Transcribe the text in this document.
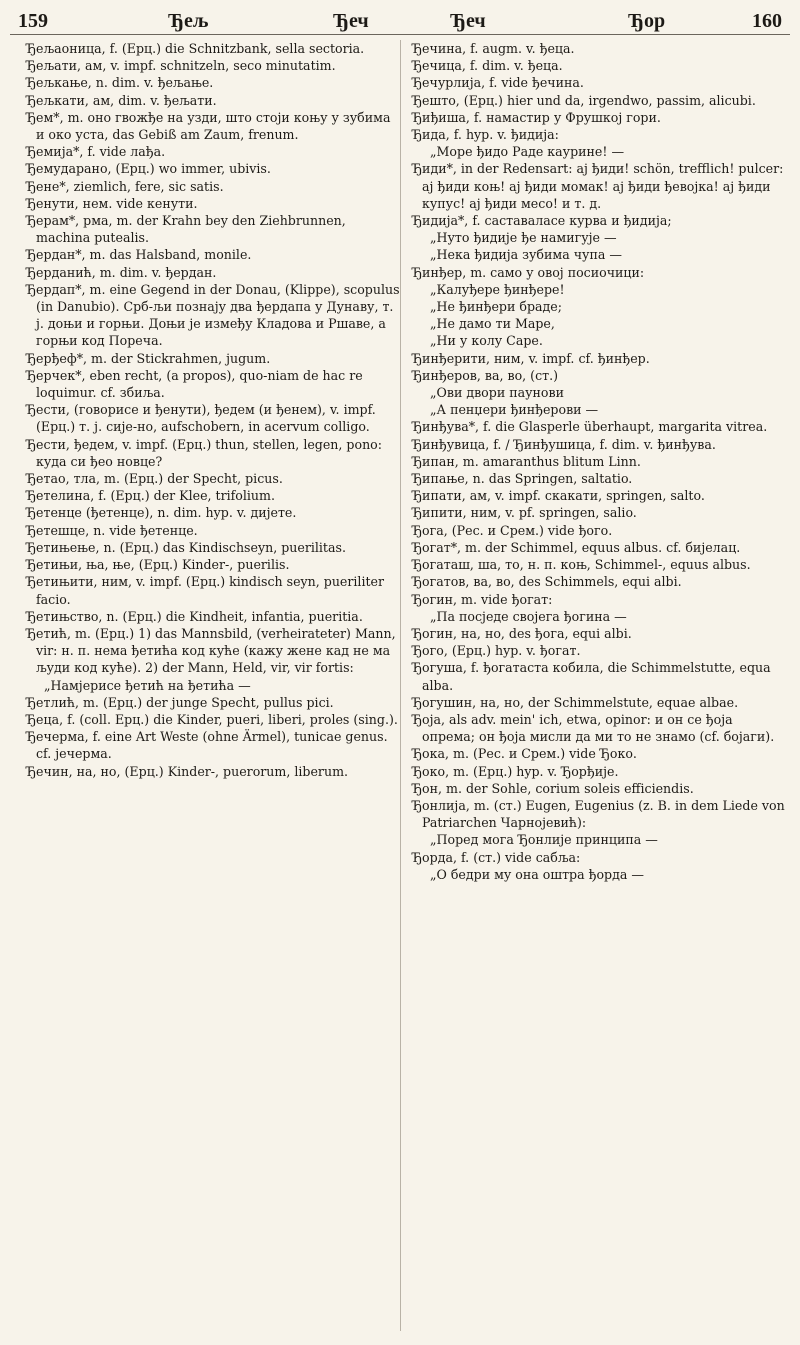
159	Ђељ	Ђеч	Ђеч	Ђор	160

Ђељаоница, f. (Ерц.) die Schnitzbank, sella sectoria.

Ђељати, ам, v. impf. schnitzeln, seco minutatim.

Ђељкање, n. dim. v. ђељање.

Ђељкати, ам, dim. v. ђељати.

Ђем*, m. оно гвожђе на узди, што стоји коњу у зубима и око уста, das Gebiß am Zaum, frenum.

Ђемија*, f. vide лађа.

Ђемударано, (Ерц.) wo immer, ubivis.

Ђене*, ziemlich, fere, sic satis.

Ђенути, нем. vide кенути.

Ђерам*, рма, m. der Krahn bey den Ziehbrunnen, machina putealis.

Ђердан*, m. das Halsband, monile.

Ђерданић, m. dim. v. ђердан.

Ђердап*, m. eine Gegend in der Donau, (Klippe), scopulus (in Danubio). Срб-љи познају два ђердапа у Дунаву, т. ј. доњи и горњи. Доњи је између Кладова и Ршаве, а горњи код Пореча.

Ђерђеф*, m. der Stickrahmen, jugum.

Ђерчек*, eben recht, (a propos), quo-niam de hac re loquimur. cf. збиља.

Ђести, (говорисе и ђенути), ђедем (и ђенем), v. impf. (Ерц.) т. ј. сије-но, aufschobern, in acervum colligo.

Ђести, ђедем, v. impf. (Ерц.) thun, stellen, legen, pono: куда си ђео новце?

Ђетао, тла, m. (Ерц.) der Specht, picus.

Ђетелина, f. (Ерц.) der Klee, trifolium.

Ђетенце (ђетенце), n. dim. hyp. v. дијете.

Ђетешце, n. vide ђетенце.

Ђетињење, n. (Ерц.) das Kindischseyn, puerilitas.

Ђетињи, ња, ње, (Ерц.) Kinder-, puerilis.

Ђетињити, ним, v. impf. (Ерц.) kindisch seyn, pueriliter facio.

Ђетињство, n. (Ерц.) die Kindheit, infantia, pueritia.

Ђетић, m. (Ерц.) 1) das Mannsbild, (verheirateter) Mann, vir: н. п. нема ђетића код куће (кажу жене кад не ма људи код куће). 2) der Mann, Held, vir, vir fortis:

„Намјерисе ђетић на ђетића —

Ђетлић, m. (Ерц.) der junge Specht, pullus pici.

Ђеца, f. (coll. Ерц.) die Kinder, pueri, liberi, proles (sing.).

Ђечерма, f. eine Art Weste (ohne Ärmel), tunicae genus. cf. јечерма.

Ђечин, на, но, (Ерц.) Kinder-, puerorum, liberum.

Ђечина, f. augm. v. ђеца.

Ђечица, f. dim. v. ђеца.

Ђечурлија, f. vide ђечина.

Ђешто, (Ерц.) hier und da, irgendwo, passim, alicubi.

Ђиђиша, f. намастир у Фрушкој гори.

Ђида, f. hyp. v. ђидија:

„Море ђидо Раде каурине! —

Ђиди*, in der Redensart: ај ђиди! schön, trefflich! pulcer: ај ђиди коњ! ај ђиди момак! ај ђиди ђевојка! ај ђиди купус! ај ђиди месо! и т. д.

Ђидија*, f. саставаласе курва и ђидија;

„Нутo ђидије ђе намигује —

„Нека ђидија зубима чупа —

Ђинђер, m. само у овој посиочици:

„Калуђере ђинђере!

„Не ђинђери браде;

„Не дамо ти Маре,

„Ни у колу Саре.

Ђинђерити, ним, v. impf. cf. ђинђер.

Ђинђеров, ва, во, (ст.)

„Ови двори паунови

„А пенџери ђинђерови —

Ђинђува*, f. die Glasperle überhaupt, margarita vitrea.

Ђинђувица, f. / Ђинђушица, f. dim. v. ђинђува.

Ђипан, m. amaranthus blitum Linn.

Ђипање, n. das Springen, saltatio.

Ђипати, ам, v. impf. скакати, springen, salto.

Ђипити, ним, v. pf. springen, salio.

Ђога, (Рес. и Срем.) vide ђого.

Ђогат*, m. der Schimmel, equus albus. cf. бијелац.

Ђогаташ, ша, то, н. п. коњ, Schimmel-, equus albus.

Ђогатов, ва, во, des Schimmels, equi albi.

Ђогин, m. vide ђогат:

„Па посједе својега ђогина —

Ђогин, на, но, des ђога, equi albi.

Ђого, (Ерц.) hyp. v. ђогат.

Ђогуша, f. ђогатаста кобила, die Schimmelstutte, equa alba.

Ђогушин, на, но, der Schimmelstute, equae albae.

Ђоја, als adv. mein' ich, etwa, opinor: и он се ђоја опрема; он ђоја мисли да ми то не знамо (cf. бојаги).

Ђока, m. (Рес. и Срем.) vide Ђоко.

Ђоко, m. (Ерц.) hyp. v. Ђорђије.

Ђон, m. der Sohle, corium soleis efficiendis.

Ђонлија, m. (ст.) Eugen, Eugenius (z. B. in dem Liede von Patriarchen Чарнојевић):

„Поред мога Ђонлије принципа —

Ђорда, f. (ст.) vide сабља:

„О бедри му она оштра ђорда —
